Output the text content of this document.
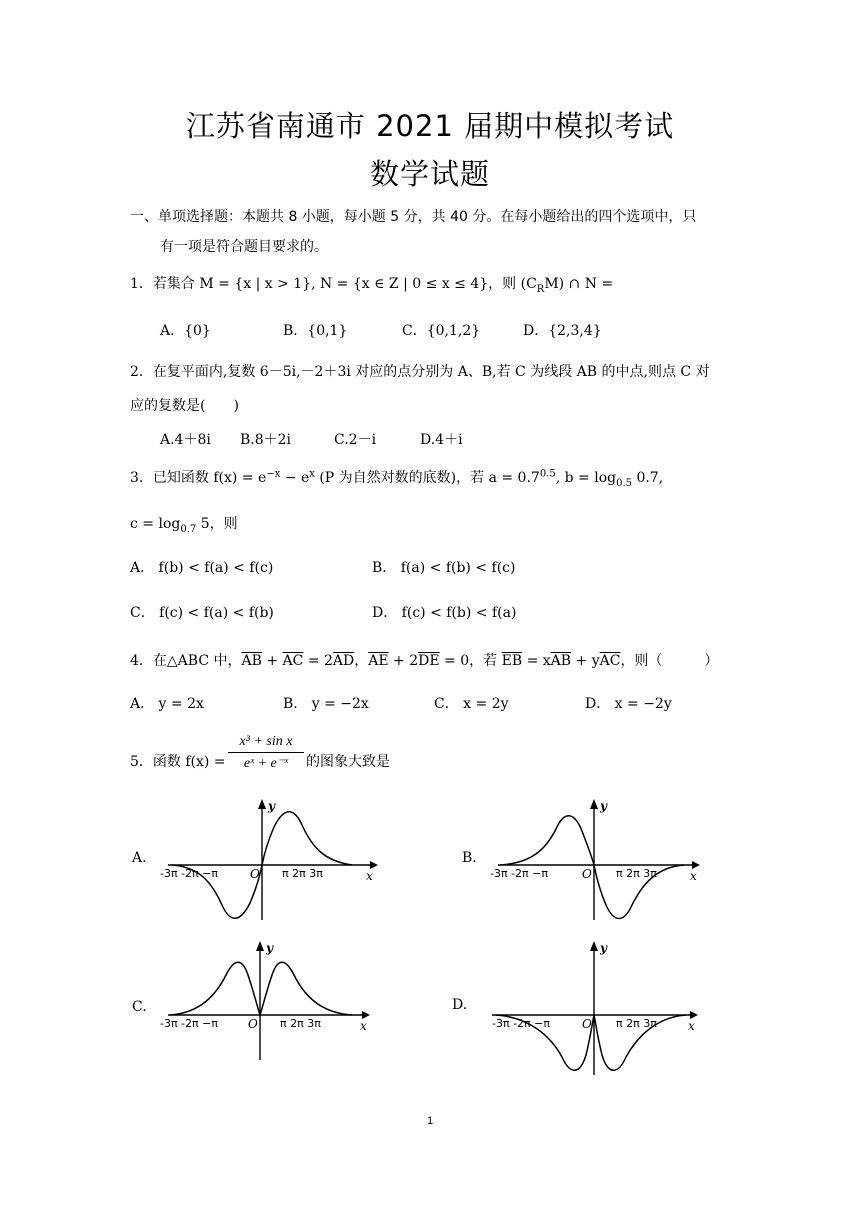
江苏省南通市 2021 届期中模拟考试
数学试题
一、单项选择题：本题共 8 小题，每小题 5 分，共 40 分。在每小题给出的四个选项中，只
有一项是符合题目要求的。
1．若集合 M = {x | x > 1}, N = {x ∈ Z | 0 ≤ x ≤ 4}，则 $(C_RM)$ ∩ N =
A．{0}	B．{0,1}	C．{0,1,2}	D．{2,3,4}
2．在复平面内,复数 6－5i,－2＋3i 对应的点分别为 A、B,若 C 为线段 AB 的中点,则点 C 对
应的复数是(　　)
A.4＋8i B.8＋2i	C.2－i	D.4＋i
3．已知函数 $f(x) = e^{-x} - e^x$ (P 为自然对数的底数)，若 $a = 0.7^{0.5}$, $b = \log_{0.5} 0.7$,
$c = \log_{0.7} 5$，则
A． f(b) < f(a) < f(c)	B． f(a) < f(b) < f(c)
C． f(c) < f(a) < f(b)	D． f(c) < f(b) < f(a)
4．在△ABC 中，$\overline{AB} + \overline{AC} = 2\overline{AD}$，$\overline{AE} + 2\overline{DE} = 0$，若 $\overline{EB} = x\overline{AB} + y\overline{AC}$，则（　　　）
A． y = 2x	B． y = −2x	C． x = 2y	D． x = −2y
5．函数 f(x) =
x³ + sin x
eˣ + e⁻ˣ	的图象大致是
A.
-3π -2π −π	O π 2π 3π	x
y
B.
-3π -2π −π	O π 2π 3π	x
y
C.
-3π -2π −π O π 2π 3π	x
y
D.
-3π -2π −π	O π 2π 3π	x
y
1
